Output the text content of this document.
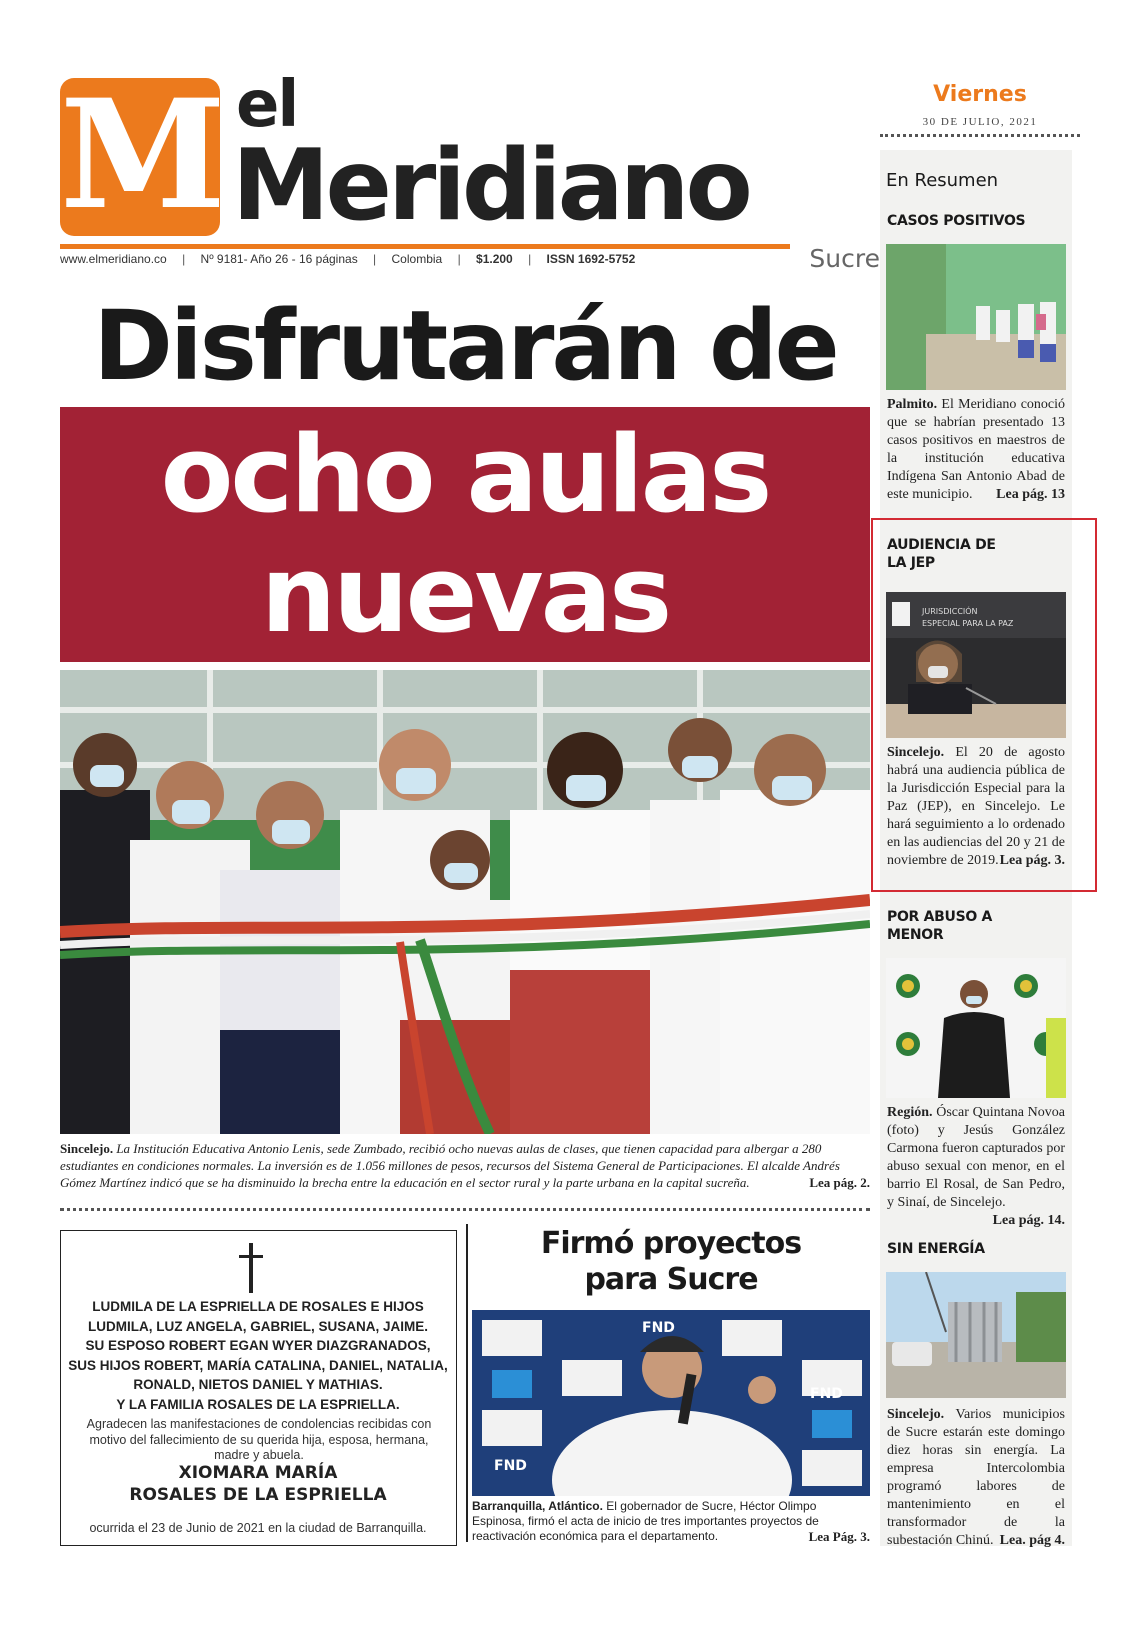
M el
Meridiano
www.elmeridiano.co | Nº 9181- Año 26 - 16 páginas | Colombia | $1.200 | ISSN 1692-5752	Sucre
Viernes
30 DE JULIO, 2021
Disfrutarán de
ocho aulas
nuevas
Sincelejo. La Institución Educativa Antonio Lenis, sede Zumbado, recibió ocho nuevas aulas de clases, que tienen capacidad para albergar a 280 estudiantes en condiciones normales. La inversión es de 1.056 millones de pesos, recursos del Sistema General de Participaciones. El alcalde Andrés Gómez Martínez indicó que se ha disminuido la brecha entre la educación en el sector rural y la parte urbana en la capital sucreña.	Lea pág. 2.
LUDMILA DE LA ESPRIELLA DE ROSALES E HIJOS
LUDMILA, LUZ ANGELA, GABRIEL, SUSANA, JAIME.
SU ESPOSO ROBERT EGAN WYER DIAZGRANADOS,
SUS HIJOS ROBERT, MARÍA CATALINA, DANIEL, NATALIA,
RONALD, NIETOS DANIEL Y MATHIAS.
Y LA FAMILIA ROSALES DE LA ESPRIELLA.
Agradecen las manifestaciones de condolencias recibidas con motivo del fallecimiento de su querida hija, esposa, hermana, madre y abuela.
XIOMARA MARÍA
ROSALES DE LA ESPRIELLA
ocurrida el 23 de Junio de 2021 en la ciudad de Barranquilla.
Firmó proyectos
para Sucre
FND
FND
FND
Barranquilla, Atlántico. El gobernador de Sucre, Héctor Olimpo Espinosa, firmó el acta de inicio de tres importantes proyectos de reactivación económica para el departamento.	Lea Pág. 3.
En Resumen
CASOS POSITIVOS
Palmito. El Meridiano conoció que se habrían presentado 13 casos positivos en maestros de la institución educativa Indígena San Antonio Abad de este municipio. Lea pág. 13
AUDIENCIA DE LA JEP
JURISDICCIÓN
ESPECIAL PARA LA PAZ
Sincelejo. El 20 de agosto habrá una audiencia pública de la Jurisdicción Especial para la Paz (JEP), en Sincelejo. Le hará seguimiento a lo ordenado en las audiencias del 20 y 21 de noviembre de 2019. Lea pág. 3.
POR ABUSO A MENOR
Región. Óscar Quintana Novoa (foto) y Jesús González Carmona fueron capturados por abuso sexual con menor, en el barrio El Rosal, de San Pedro, y Sinaí, de Sincelejo.
Lea pág. 14.
SIN ENERGÍA
Sincelejo. Varios municipios de Sucre estarán este domingo diez horas sin energía. La empresa Intercolombia programó labores de mantenimiento en el transformador de la subestación Chinú. Lea. pág 4.
